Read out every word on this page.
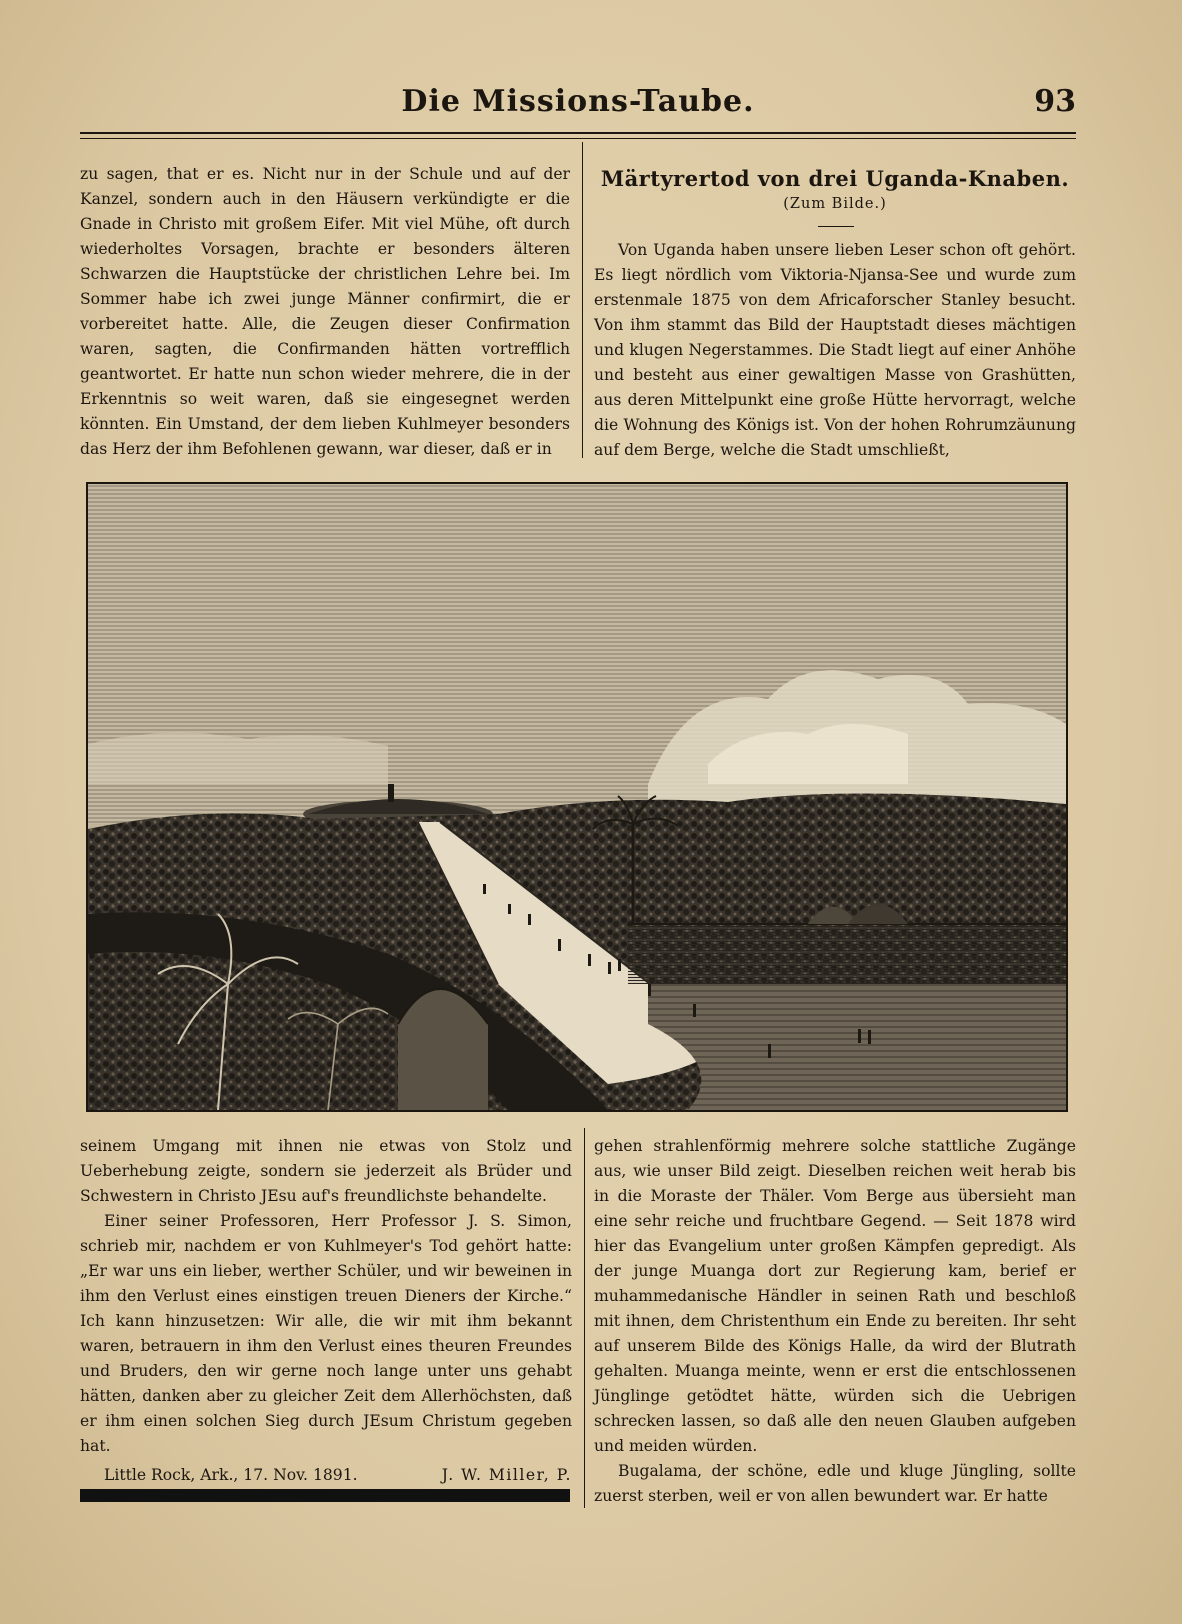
Die Missions-Taube.	93

zu sagen, that er es. Nicht nur in der Schule und auf der Kanzel, sondern auch in den Häusern verkündigte er die Gnade in Christo mit großem Eifer. Mit viel Mühe, oft durch wiederholtes Vorsagen, brachte er besonders älteren Schwarzen die Hauptstücke der christlichen Lehre bei. Im Sommer habe ich zwei junge Männer confirmirt, die er vorbereitet hatte. Alle, die Zeugen dieser Confirmation waren, sagten, die Confirmanden hätten vortrefflich geantwortet. Er hatte nun schon wieder mehrere, die in der Erkenntnis so weit waren, daß sie eingesegnet werden könnten. Ein Umstand, der dem lieben Kuhlmeyer besonders das Herz der ihm Befohlenen gewann, war dieser, daß er in

Märtyrertod von drei Uganda-Knaben.
(Zum Bilde.)

Von Uganda haben unsere lieben Leser schon oft gehört. Es liegt nördlich vom Viktoria-Njansa-See und wurde zum erstenmale 1875 von dem Africaforscher Stanley besucht. Von ihm stammt das Bild der Hauptstadt dieses mächtigen und klugen Negerstammes. Die Stadt liegt auf einer Anhöhe und besteht aus einer gewaltigen Masse von Grashütten, aus deren Mittelpunkt eine große Hütte hervorragt, welche die Wohnung des Königs ist. Von der hohen Rohrumzäunung auf dem Berge, welche die Stadt umschließt,

seinem Umgang mit ihnen nie etwas von Stolz und Ueberhebung zeigte, sondern sie jederzeit als Brüder und Schwestern in Christo JEsu auf's freundlichste behandelte.

Einer seiner Professoren, Herr Professor J. S. Simon, schrieb mir, nachdem er von Kuhlmeyer's Tod gehört hatte: „Er war uns ein lieber, werther Schüler, und wir beweinen in ihm den Verlust eines einstigen treuen Dieners der Kirche.“ Ich kann hinzusetzen: Wir alle, die wir mit ihm bekannt waren, betrauern in ihm den Verlust eines theuren Freundes und Bruders, den wir gerne noch lange unter uns gehabt hätten, danken aber zu gleicher Zeit dem Allerhöchsten, daß er ihm einen solchen Sieg durch JEsum Christum gegeben hat.

Little Rock, Ark., 17. Nov. 1891.	J. W. Miller, P.

gehen strahlenförmig mehrere solche stattliche Zugänge aus, wie unser Bild zeigt. Dieselben reichen weit herab bis in die Moraste der Thäler. Vom Berge aus übersieht man eine sehr reiche und fruchtbare Gegend. — Seit 1878 wird hier das Evangelium unter großen Kämpfen gepredigt. Als der junge Muanga dort zur Regierung kam, berief er muhammedanische Händler in seinen Rath und beschloß mit ihnen, dem Christenthum ein Ende zu bereiten. Ihr seht auf unserem Bilde des Königs Halle, da wird der Blutrath gehalten. Muanga meinte, wenn er erst die entschlossenen Jünglinge getödtet hätte, würden sich die Uebrigen schrecken lassen, so daß alle den neuen Glauben aufgeben und meiden würden.

Bugalama, der schöne, edle und kluge Jüngling, sollte zuerst sterben, weil er von allen bewundert war. Er hatte
